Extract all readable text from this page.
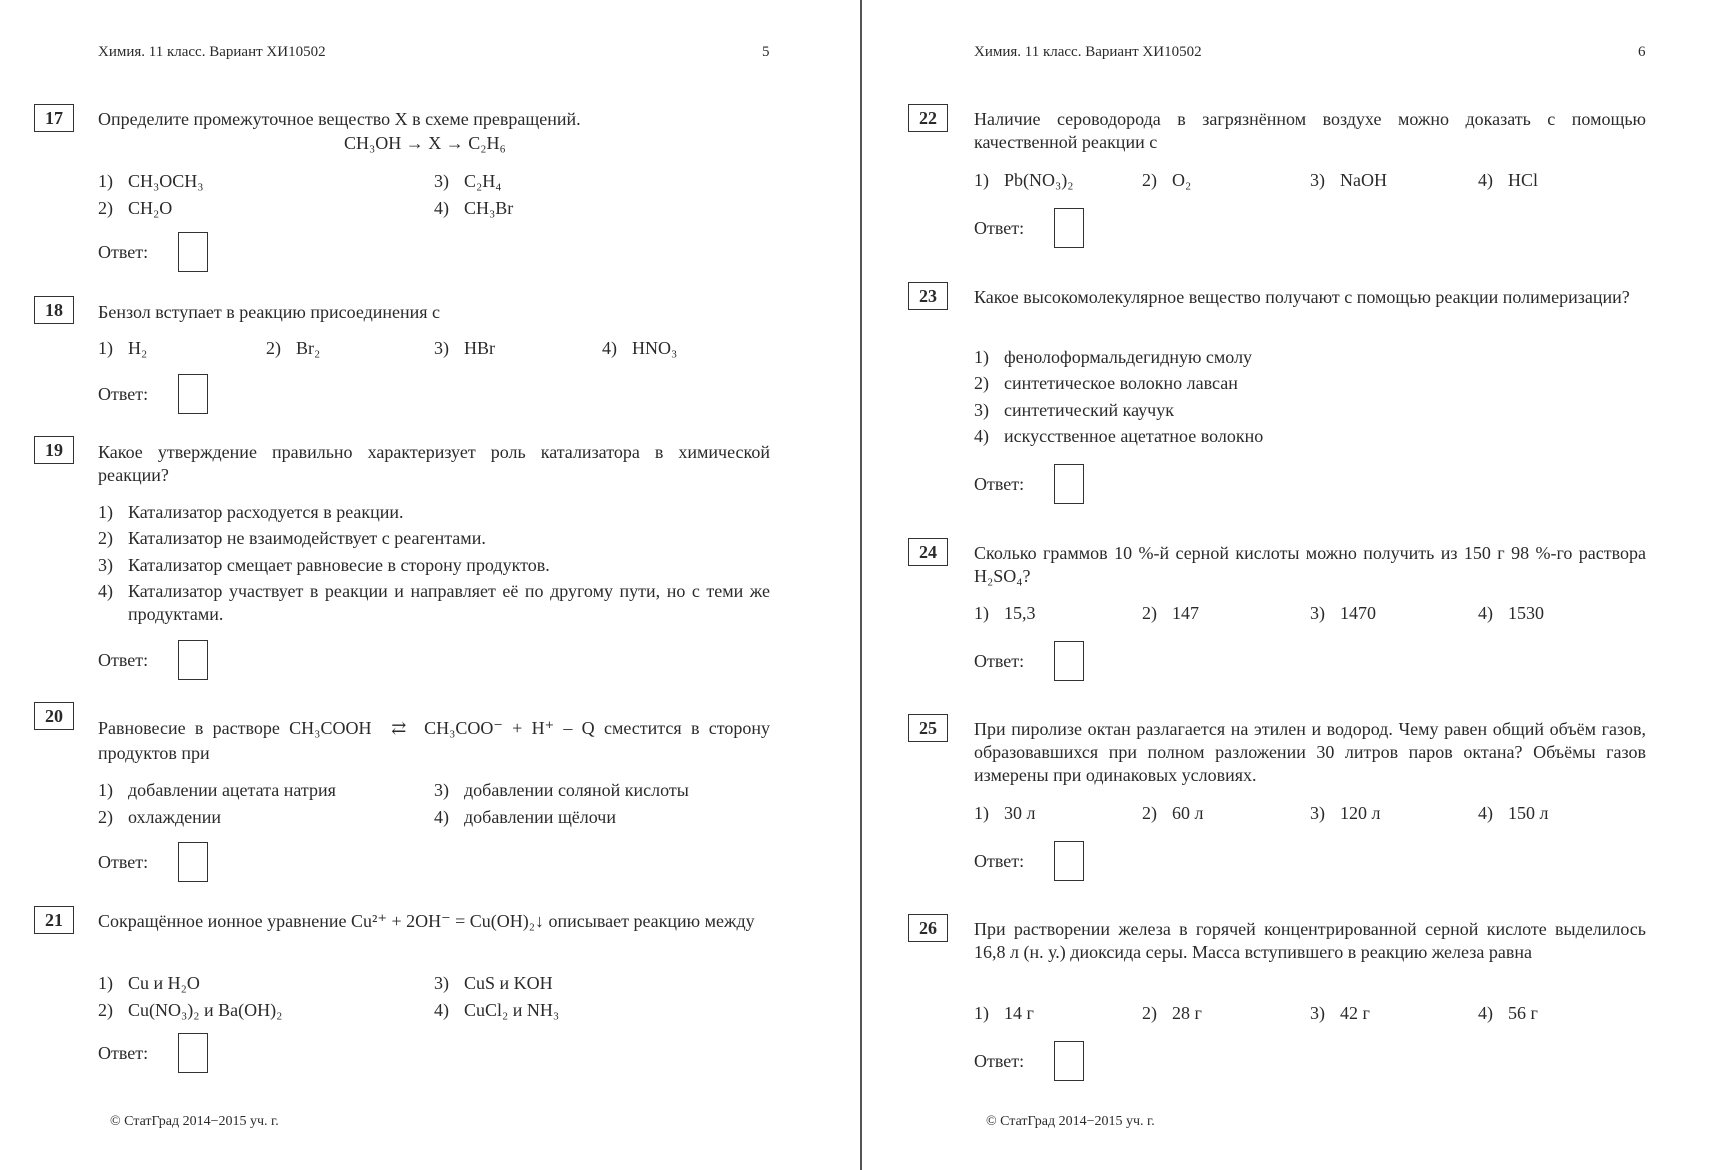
Химия. 11 класс. Вариант ХИ10502	5
17	Определите промежуточное вещество X в схеме превращений.
CH₃OH → X → C₂H₆
1) CH₃OCH₃
2) CH₂O
3) C₂H₄
4) CH₃Br
Ответ:
18	Бензол вступает в реакцию присоединения с
1) H₂	2) Br₂	3) HBr	4) HNO₃
Ответ:
19	Какое утверждение правильно характеризует роль катализатора в химической реакции?
1) Катализатор расходуется в реакции.
2) Катализатор не взаимодействует с реагентами.
3) Катализатор смещает равновесие в сторону продуктов.
4) Катализатор участвует в реакции и направляет её по другому пути, но с теми же продуктами.
Ответ:
20
Равновесие в растворе CH₃COOH ⇄ CH₃COO⁻ + H⁺ – Q сместится в сторону продуктов при
1) добавлении ацетата натрия
2) охлаждении
3) добавлении соляной кислоты
4) добавлении щёлочи
Ответ:
21	Сокращённое ионное уравнение Cu²⁺ + 2OH⁻ = Cu(OH)₂↓ описывает реакцию между
1) Cu и H₂O
2) Cu(NO₃)₂ и Ba(OH)₂
3) CuS и KOH
4) CuCl₂ и NH₃
Ответ:
© СтатГрад 2014−2015 уч. г.
Химия. 11 класс. Вариант ХИ10502	6
22	Наличие сероводорода в загрязнённом воздухе можно доказать с помощью качественной реакции с
1) Pb(NO₃)₂	2) O₂	3) NaOH	4) HCl
Ответ:
23	Какое высокомолекулярное вещество получают с помощью реакции полимеризации?
1) фенолоформальдегидную смолу
2) синтетическое волокно лавсан
3) синтетический каучук
4) искусственное ацетатное волокно
Ответ:
24	Сколько граммов 10 %-й серной кислоты можно получить из 150 г 98 %-го раствора H₂SO₄?
1) 15,3	2) 147	3) 1470	4) 1530
Ответ:
25	При пиролизе октан разлагается на этилен и водород. Чему равен общий объём газов, образовавшихся при полном разложении 30 литров паров октана? Объёмы газов измерены при одинаковых условиях.
1) 30 л	2) 60 л	3) 120 л	4) 150 л
Ответ:
26	При растворении железа в горячей концентрированной серной кислоте выделилось 16,8 л (н. у.) диоксида серы. Масса вступившего в реакцию железа равна
1) 14 г	2) 28 г	3) 42 г	4) 56 г
Ответ:
© СтатГрад 2014−2015 уч. г.
